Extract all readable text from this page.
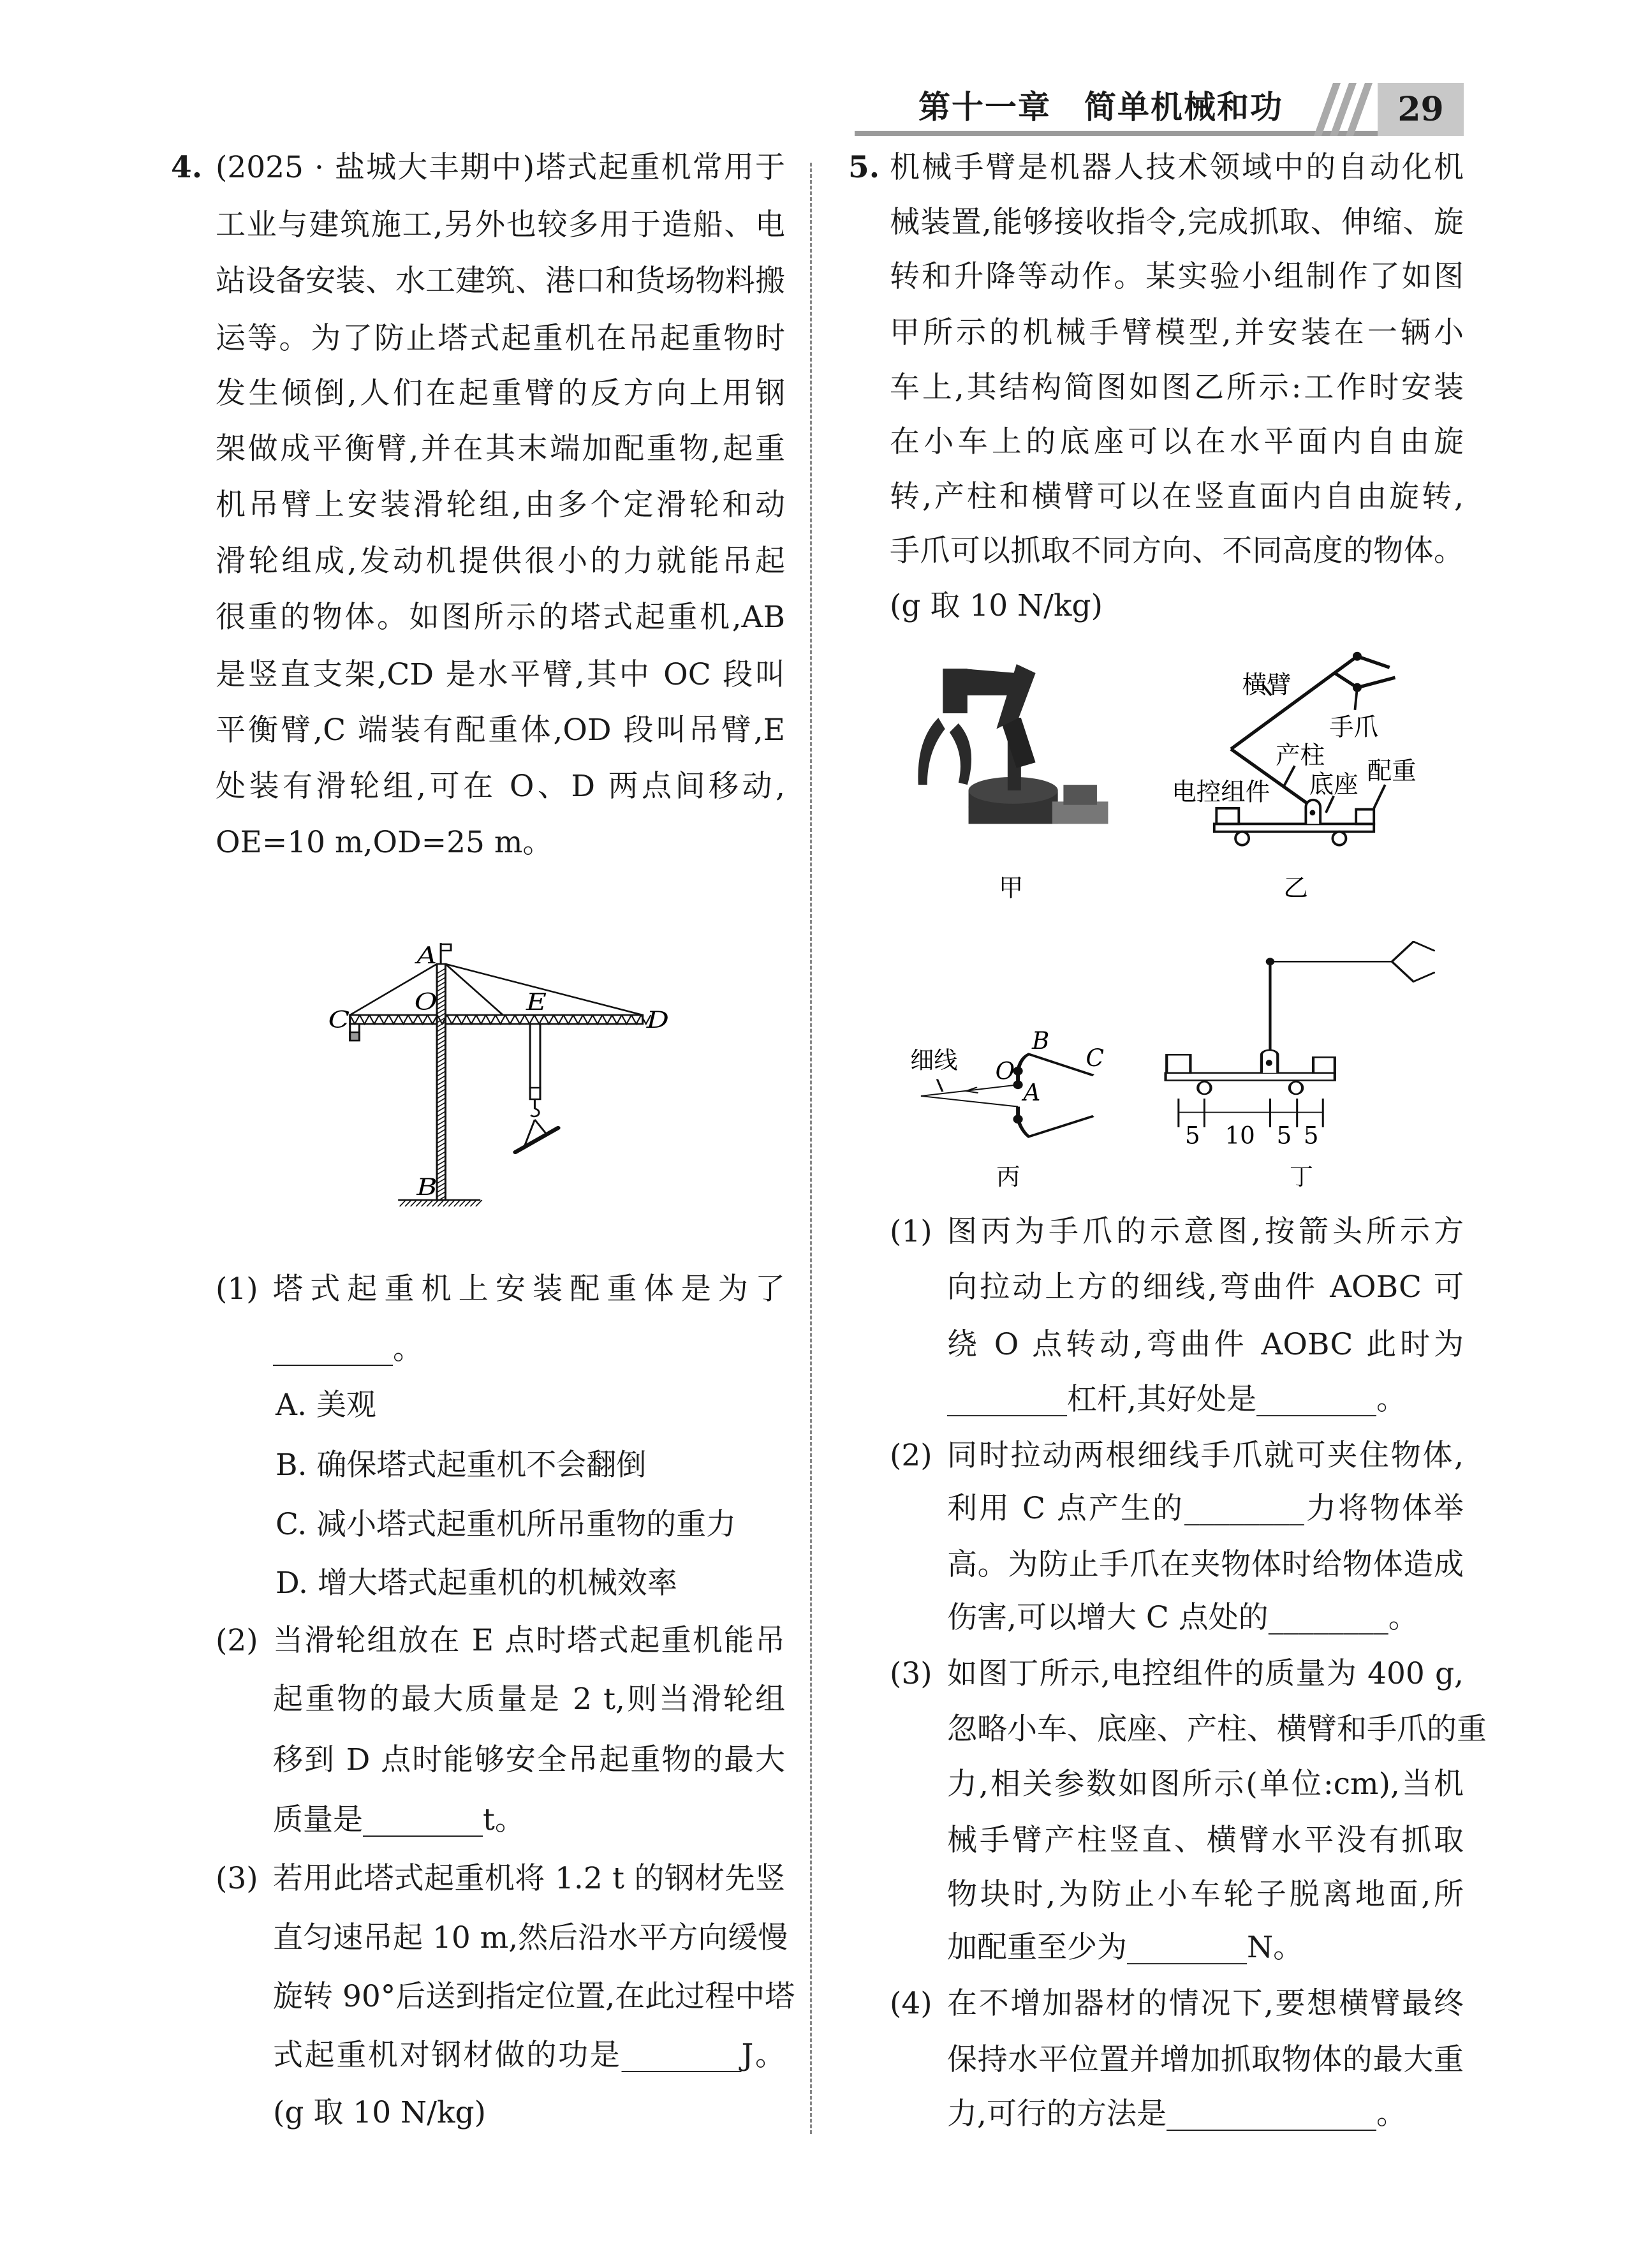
第十一章　简单机械和功	29
4. (2025 · 盐城大丰期中)塔式起重机常用于
工业与建筑施工,另外也较多用于造船、电
站设备安装、水工建筑、港口和货场物料搬
运等。为了防止塔式起重机在吊起重物时
发生倾倒,人们在起重臂的反方向上用钢
架做成平衡臂,并在其末端加配重物,起重
机吊臂上安装滑轮组,由多个定滑轮和动
滑轮组成,发动机提供很小的力就能吊起
很重的物体。如图所示的塔式起重机,AB
是竖直支架,CD 是水平臂,其中 OC 段叫
平衡臂,C 端装有配重体,OD 段叫吊臂,E
处装有滑轮组,可在 O、D 两点间移动,
OE=10 m,OD=25 m。
(1) 塔式起重机上安装配重体是为了
________。
A. 美观
B. 确保塔式起重机不会翻倒
C. 减小塔式起重机所吊重物的重力
D. 增大塔式起重机的机械效率
(2) 当滑轮组放在 E 点时塔式起重机能吊
起重物的最大质量是 2 t,则当滑轮组
移到 D 点时能够安全吊起重物的最大
质量是________t。
(3) 若用此塔式起重机将 1.2 t 的钢材先竖
直匀速吊起 10 m,然后沿水平方向缓慢
旋转 90°后送到指定位置,在此过程中塔
式起重机对钢材做的功是________J。
(g 取 10 N/kg)
5. 机械手臂是机器人技术领域中的自动化机
械装置,能够接收指令,完成抓取、伸缩、旋
转和升降等动作。某实验小组制作了如图
甲所示的机械手臂模型,并安装在一辆小
车上,其结构简图如图乙所示:工作时安装
在小车上的底座可以在水平面内自由旋
转,产柱和横臂可以在竖直面内自由旋转,
手爪可以抓取不同方向、不同高度的物体。
(g 取 10 N/kg)
(1) 图丙为手爪的示意图,按箭头所示方
向拉动上方的细线,弯曲件 AOBC 可
绕 O 点转动,弯曲件 AOBC 此时为
________杠杆,其好处是________。
(2) 同时拉动两根细线手爪就可夹住物体,
利用 C 点产生的________力将物体举
高。为防止手爪在夹物体时给物体造成
伤害,可以增大 C 点处的________。
(3) 如图丁所示,电控组件的质量为 400 g,
忽略小车、底座、产柱、横臂和手爪的重
力,相关参数如图所示(单位:cm),当机
械手臂产柱竖直、横臂水平没有抓取
物块时,为防止小车轮子脱离地面,所
加配重至少为________N。
(4) 在不增加器材的情况下,要想横臂最终
保持水平位置并增加抓取物体的最大重
力,可行的方法是______________。
A
O	E
C	D
B
横臂
手爪
产柱
配重
电控组件	底座
甲	乙
细线	O
A
B
C
5 10 5 5
丙	丁
